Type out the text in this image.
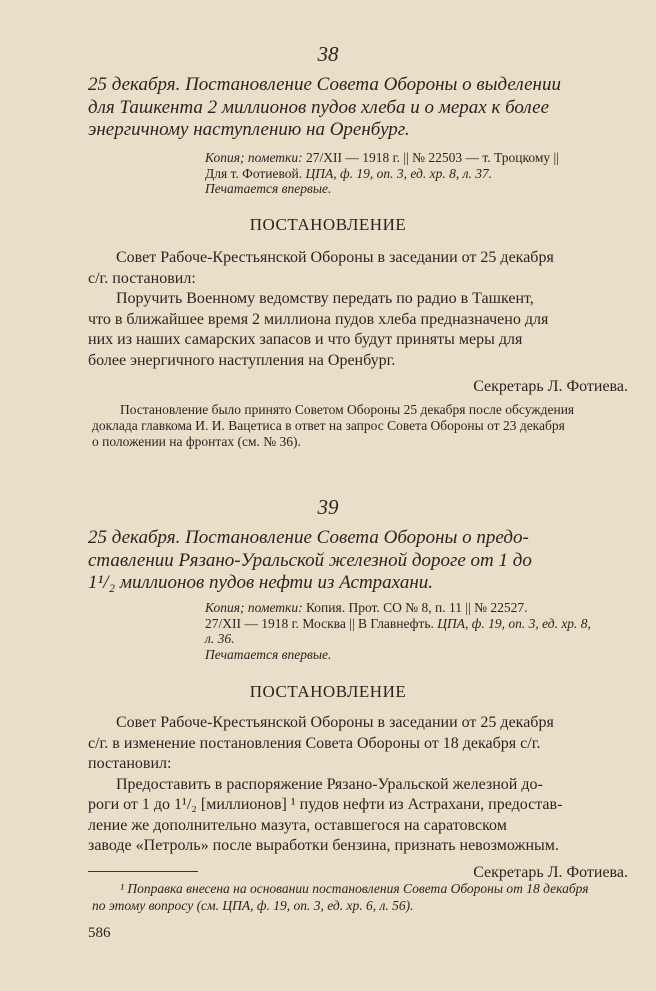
38
25 декабря. Постановление Совета Обороны о выделении
для Ташкента 2 миллионов пудов хлеба и о мерах к более
энергичному наступлению на Оренбург.
Копия; пометки: 27/XII — 1918 г. || № 22503 — т. Троцкому ||
Для т. Фотиевой. ЦПА, ф. 19, оп. 3, ед. хр. 8, л. 37.
Печатается впервые.
ПОСТАНОВЛЕНИЕ
Совет Рабоче-Крестьянской Обороны в заседании от 25 декабря
с/г. постановил:
Поручить Военному ведомству передать по радио в Ташкент,
что в ближайшее время 2 миллиона пудов хлеба предназначено для
них из наших самарских запасов и что будут приняты меры для
более энергичного наступления на Оренбург.
Секретарь Л. Фотиева.
Постановление было принято Советом Обороны 25 декабря после обсуждения
доклада главкома И. И. Вацетиса в ответ на запрос Совета Обороны от 23 декабря
о положении на фронтах (см. № 36).
39
25 декабря. Постановление Совета Обороны о предо-
ставлении Рязано-Уральской железной дороге от 1 до
1¹/₂ миллионов пудов нефти из Астрахани.
Копия; пометки: Копия. Прот. СО № 8, п. 11 || № 22527.
27/XII — 1918 г. Москва || В Главнефть. ЦПА, ф. 19, оп. 3, ед. хр. 8,
л. 36.
Печатается впервые.
ПОСТАНОВЛЕНИЕ
Совет Рабоче-Крестьянской Обороны в заседании от 25 декабря
с/г. в изменение постановления Совета Обороны от 18 декабря с/г.
постановил:
Предоставить в распоряжение Рязано-Уральской железной до-
роги от 1 до 1¹/₂ [миллионов] ¹ пудов нефти из Астрахани, предостав-
ление же дополнительно мазута, оставшегося на саратовском
заводе «Петроль» после выработки бензина, признать невозможным.
Секретарь Л. Фотиева.
¹ Поправка внесена на основании постановления Совета Обороны от 18 декабря
по этому вопросу (см. ЦПА, ф. 19, оп. 3, ед. хр. 6, л. 56).
586
